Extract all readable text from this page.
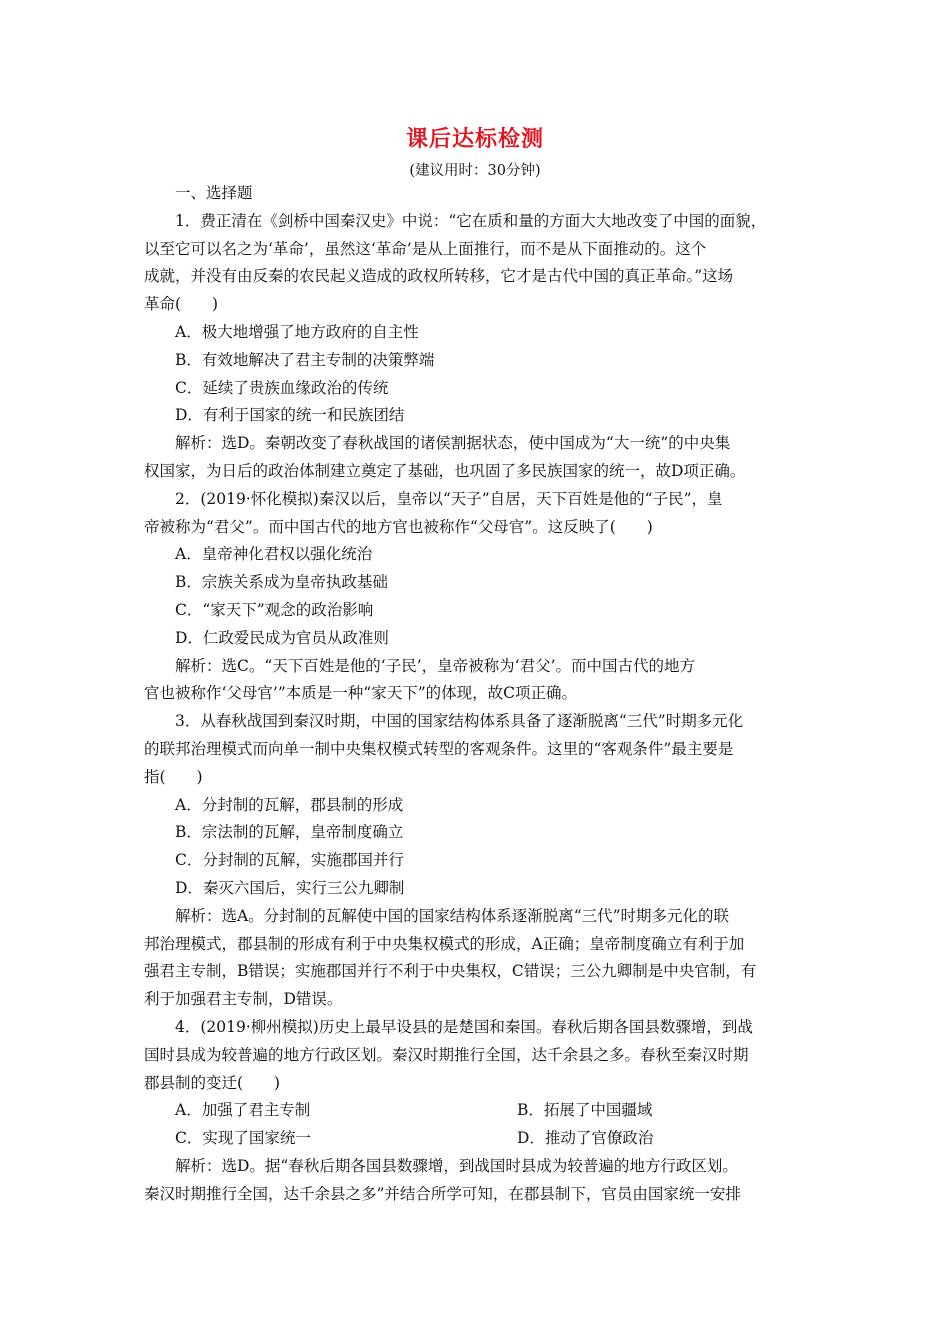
课后达标检测
(建议用时：30分钟)
一、选择题
1．费正清在《剑桥中国秦汉史》中说：“它在质和量的方面大大地改变了中国的面貌，
以至它可以名之为‘革命’，虽然这‘革命’是从上面推行，而不是从下面推动的。这个
成就，并没有由反秦的农民起义造成的政权所转移，它才是古代中国的真正革命。”这场
革命(　　)
A．极大地增强了地方政府的自主性
B．有效地解决了君主专制的决策弊端
C．延续了贵族血缘政治的传统
D．有利于国家的统一和民族团结
解析：选D。秦朝改变了春秋战国的诸侯割据状态，使中国成为“大一统”的中央集
权国家，为日后的政治体制建立奠定了基础，也巩固了多民族国家的统一，故D项正确。
2．(2019·怀化模拟)秦汉以后，皇帝以“天子”自居，天下百姓是他的“子民”，皇
帝被称为“君父”。而中国古代的地方官也被称作“父母官”。这反映了(　　)
A．皇帝神化君权以强化统治
B．宗族关系成为皇帝执政基础
C．“家天下”观念的政治影响
D．仁政爱民成为官员从政准则
解析：选C。“天下百姓是他的‘子民’，皇帝被称为‘君父’。而中国古代的地方
官也被称作‘父母官’”本质是一种“家天下”的体现，故C项正确。
3．从春秋战国到秦汉时期，中国的国家结构体系具备了逐渐脱离“三代”时期多元化
的联邦治理模式而向单一制中央集权模式转型的客观条件。这里的“客观条件”最主要是
指(　　)
A．分封制的瓦解，郡县制的形成
B．宗法制的瓦解，皇帝制度确立
C．分封制的瓦解，实施郡国并行
D．秦灭六国后，实行三公九卿制
解析：选A。分封制的瓦解使中国的国家结构体系逐渐脱离“三代”时期多元化的联
邦治理模式，郡县制的形成有利于中央集权模式的形成，A正确；皇帝制度确立有利于加
强君主专制，B错误；实施郡国并行不利于中央集权，C错误；三公九卿制是中央官制，有
利于加强君主专制，D错误。
4．(2019·柳州模拟)历史上最早设县的是楚国和秦国。春秋后期各国县数骤增，到战
国时县成为较普遍的地方行政区划。秦汉时期推行全国，达千余县之多。春秋至秦汉时期
郡县制的变迁(　　)
A．加强了君主专制	B．拓展了中国疆域
C．实现了国家统一	D．推动了官僚政治
解析：选D。据“春秋后期各国县数骤增，到战国时县成为较普遍的地方行政区划。
秦汉时期推行全国，达千余县之多”并结合所学可知，在郡县制下，官员由国家统一安排
